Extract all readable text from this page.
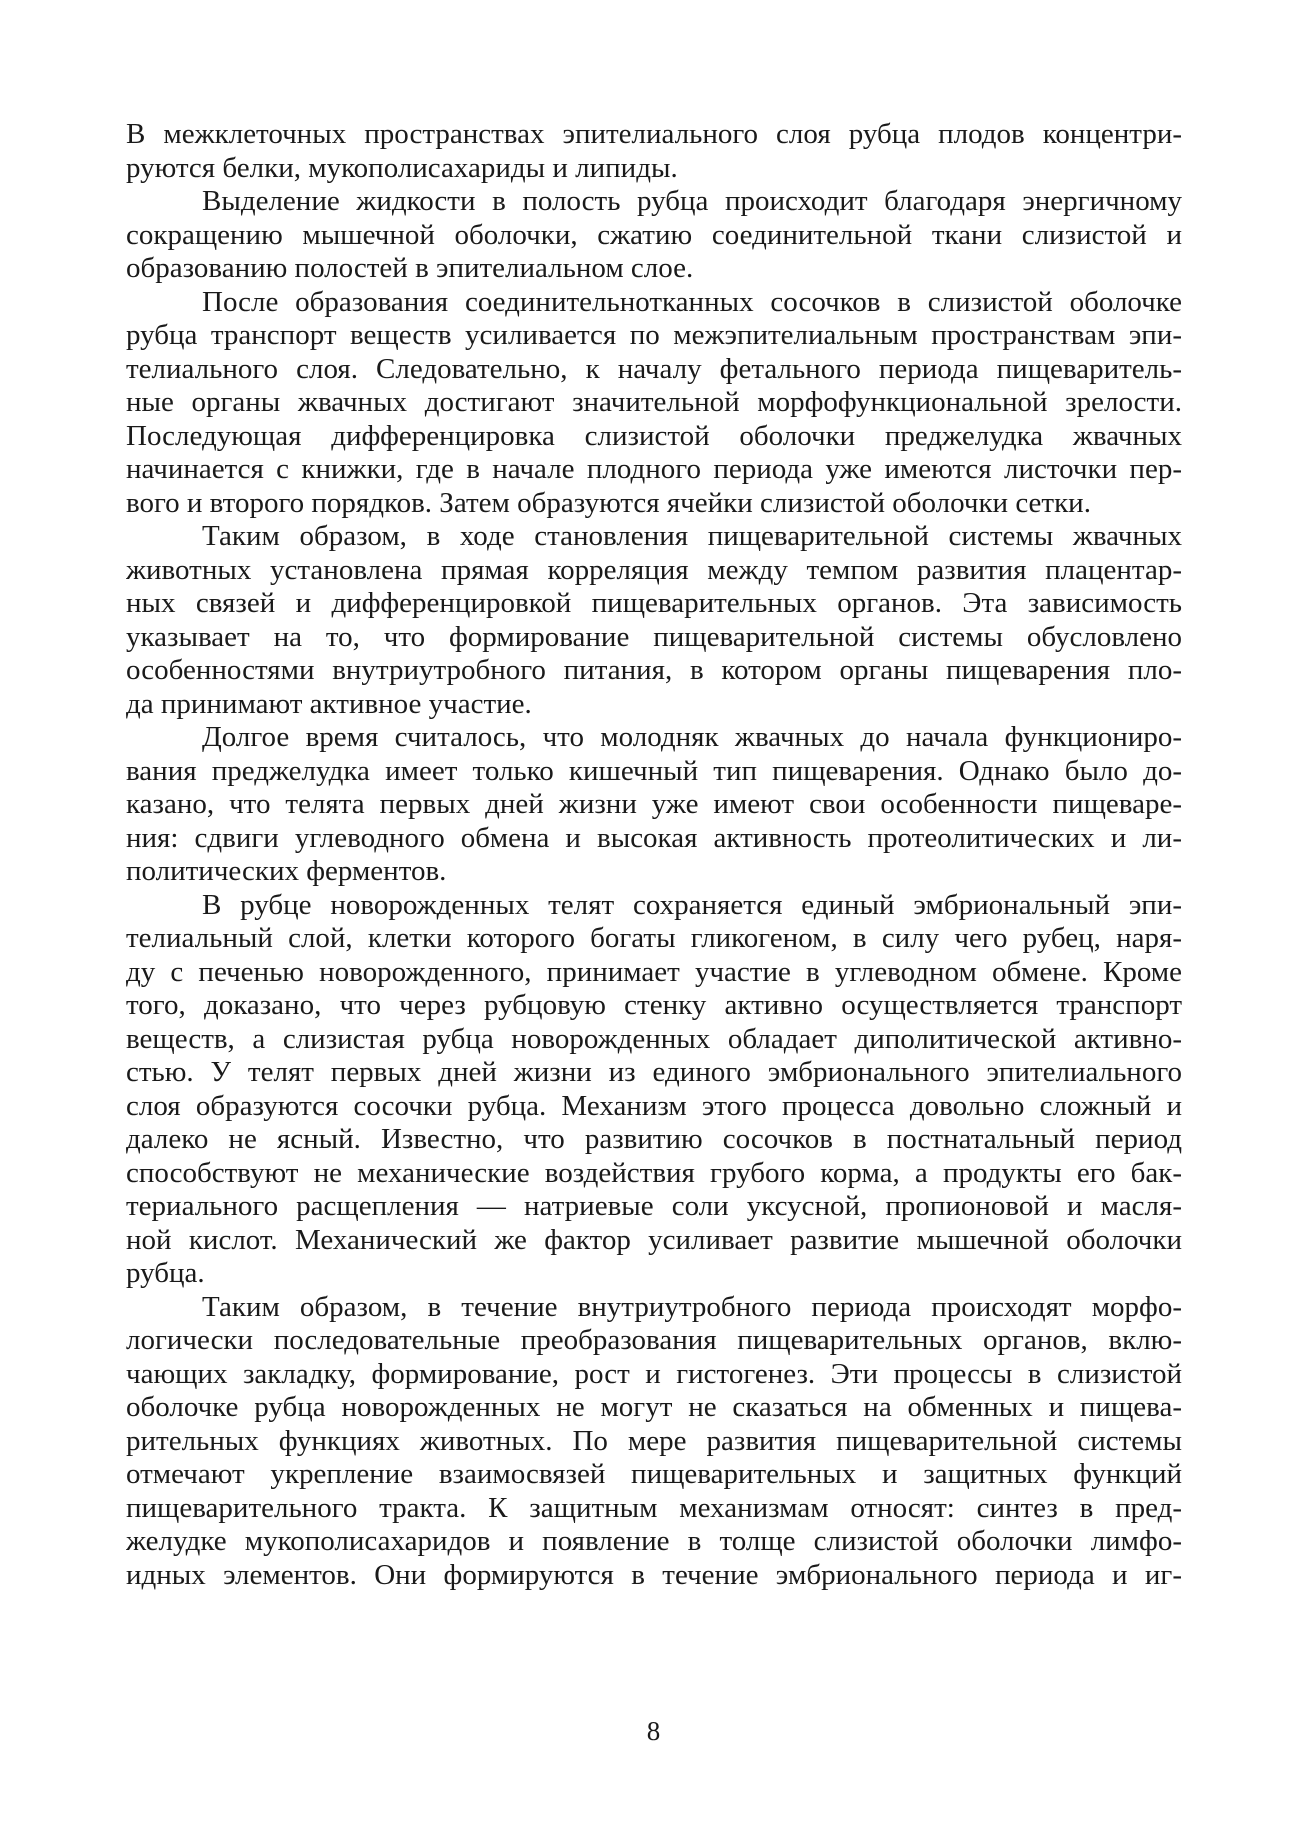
В межклеточных пространствах эпителиального слоя рубца плодов концентри-
руются белки, мукополисахариды и липиды.
Выделение жидкости в полость рубца происходит благодаря энергичному
сокращению мышечной оболочки, сжатию соединительной ткани слизистой и
образованию полостей в эпителиальном слое.
После образования соединительнотканных сосочков в слизистой оболочке
рубца транспорт веществ усиливается по межэпителиальным пространствам эпи-
телиального слоя. Следовательно, к началу фетального периода пищеваритель-
ные органы жвачных достигают значительной морфофункциональной зрелости.
Последующая дифференцировка слизистой оболочки преджелудка жвачных
начинается с книжки, где в начале плодного периода уже имеются листочки пер-
вого и второго порядков. Затем образуются ячейки слизистой оболочки сетки.
Таким образом, в ходе становления пищеварительной системы жвачных
животных установлена прямая корреляция между темпом развития плацентар-
ных связей и дифференцировкой пищеварительных органов. Эта зависимость
указывает на то, что формирование пищеварительной системы обусловлено
особенностями внутриутробного питания, в котором органы пищеварения пло-
да принимают активное участие.
Долгое время считалось, что молодняк жвачных до начала функциониро-
вания преджелудка имеет только кишечный тип пищеварения. Однако было до-
казано, что телята первых дней жизни уже имеют свои особенности пищеваре-
ния: сдвиги углеводного обмена и высокая активность протеолитических и ли-
политических ферментов.
В рубце новорожденных телят сохраняется единый эмбриональный эпи-
телиальный слой, клетки которого богаты гликогеном, в силу чего рубец, наря-
ду с печенью новорожденного, принимает участие в углеводном обмене. Кроме
того, доказано, что через рубцовую стенку активно осуществляется транспорт
веществ, а слизистая рубца новорожденных обладает диполитической активно-
стью. У телят первых дней жизни из единого эмбрионального эпителиального
слоя образуются сосочки рубца. Механизм этого процесса довольно сложный и
далеко не ясный. Известно, что развитию сосочков в постнатальный период
способствуют не механические воздействия грубого корма, а продукты его бак-
териального расщепления — натриевые соли уксусной, пропионовой и масля-
ной кислот. Механический же фактор усиливает развитие мышечной оболочки
рубца.
Таким образом, в течение внутриутробного периода происходят морфо-
логически последовательные преобразования пищеварительных органов, вклю-
чающих закладку, формирование, рост и гистогенез. Эти процессы в слизистой
оболочке рубца новорожденных не могут не сказаться на обменных и пищева-
рительных функциях животных. По мере развития пищеварительной системы
отмечают укрепление взаимосвязей пищеварительных и защитных функций
пищеварительного тракта. К защитным механизмам относят: синтез в пред-
желудке мукополисахаридов и появление в толще слизистой оболочки лимфо-
идных элементов. Они формируются в течение эмбрионального периода и иг-
8
